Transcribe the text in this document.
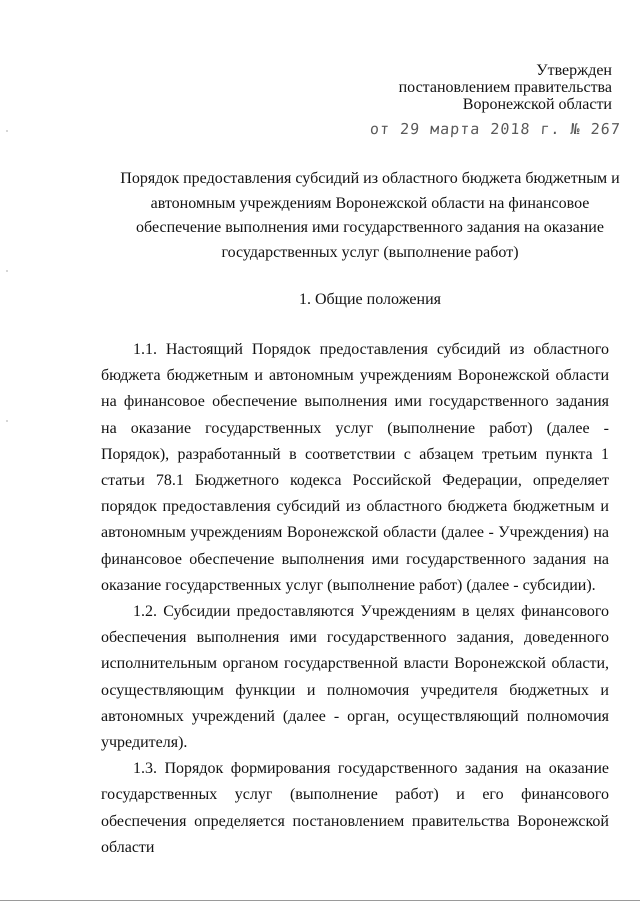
Утвержден
постановлением правительства
Воронежской области
от 29 марта 2018 г. № 267
Порядок предоставления субсидий из областного бюджета бюджетным и автономным учреждениям Воронежской области на финансовое обеспечение выполнения ими государственного задания на оказание государственных услуг (выполнение работ)
1. Общие положения

1.1. Настоящий Порядок предоставления субсидий из областного бюджета бюджетным и автономным учреждениям Воронежской области на финансовое обеспечение выполнения ими государственного задания на оказание государственных услуг (выполнение работ) (далее - Порядок), разработанный в соответствии с абзацем третьим пункта 1 статьи 78.1 Бюджетного кодекса Российской Федерации, определяет порядок предоставления субсидий из областного бюджета бюджетным и автономным учреждениям Воронежской области (далее - Учреждения) на финансовое обеспечение выполнения ими государственного задания на оказание государственных услуг (выполнение работ) (далее - субсидии).

1.2. Субсидии предоставляются Учреждениям в целях финансового обеспечения выполнения ими государственного задания, доведенного исполнительным органом государственной власти Воронежской области, осуществляющим функции и полномочия учредителя бюджетных и автономных учреждений (далее - орган, осуществляющий полномочия учредителя).

1.3. Порядок формирования государственного задания на оказание государственных услуг (выполнение работ) и его финансового обеспечения определяется постановлением правительства Воронежской области
